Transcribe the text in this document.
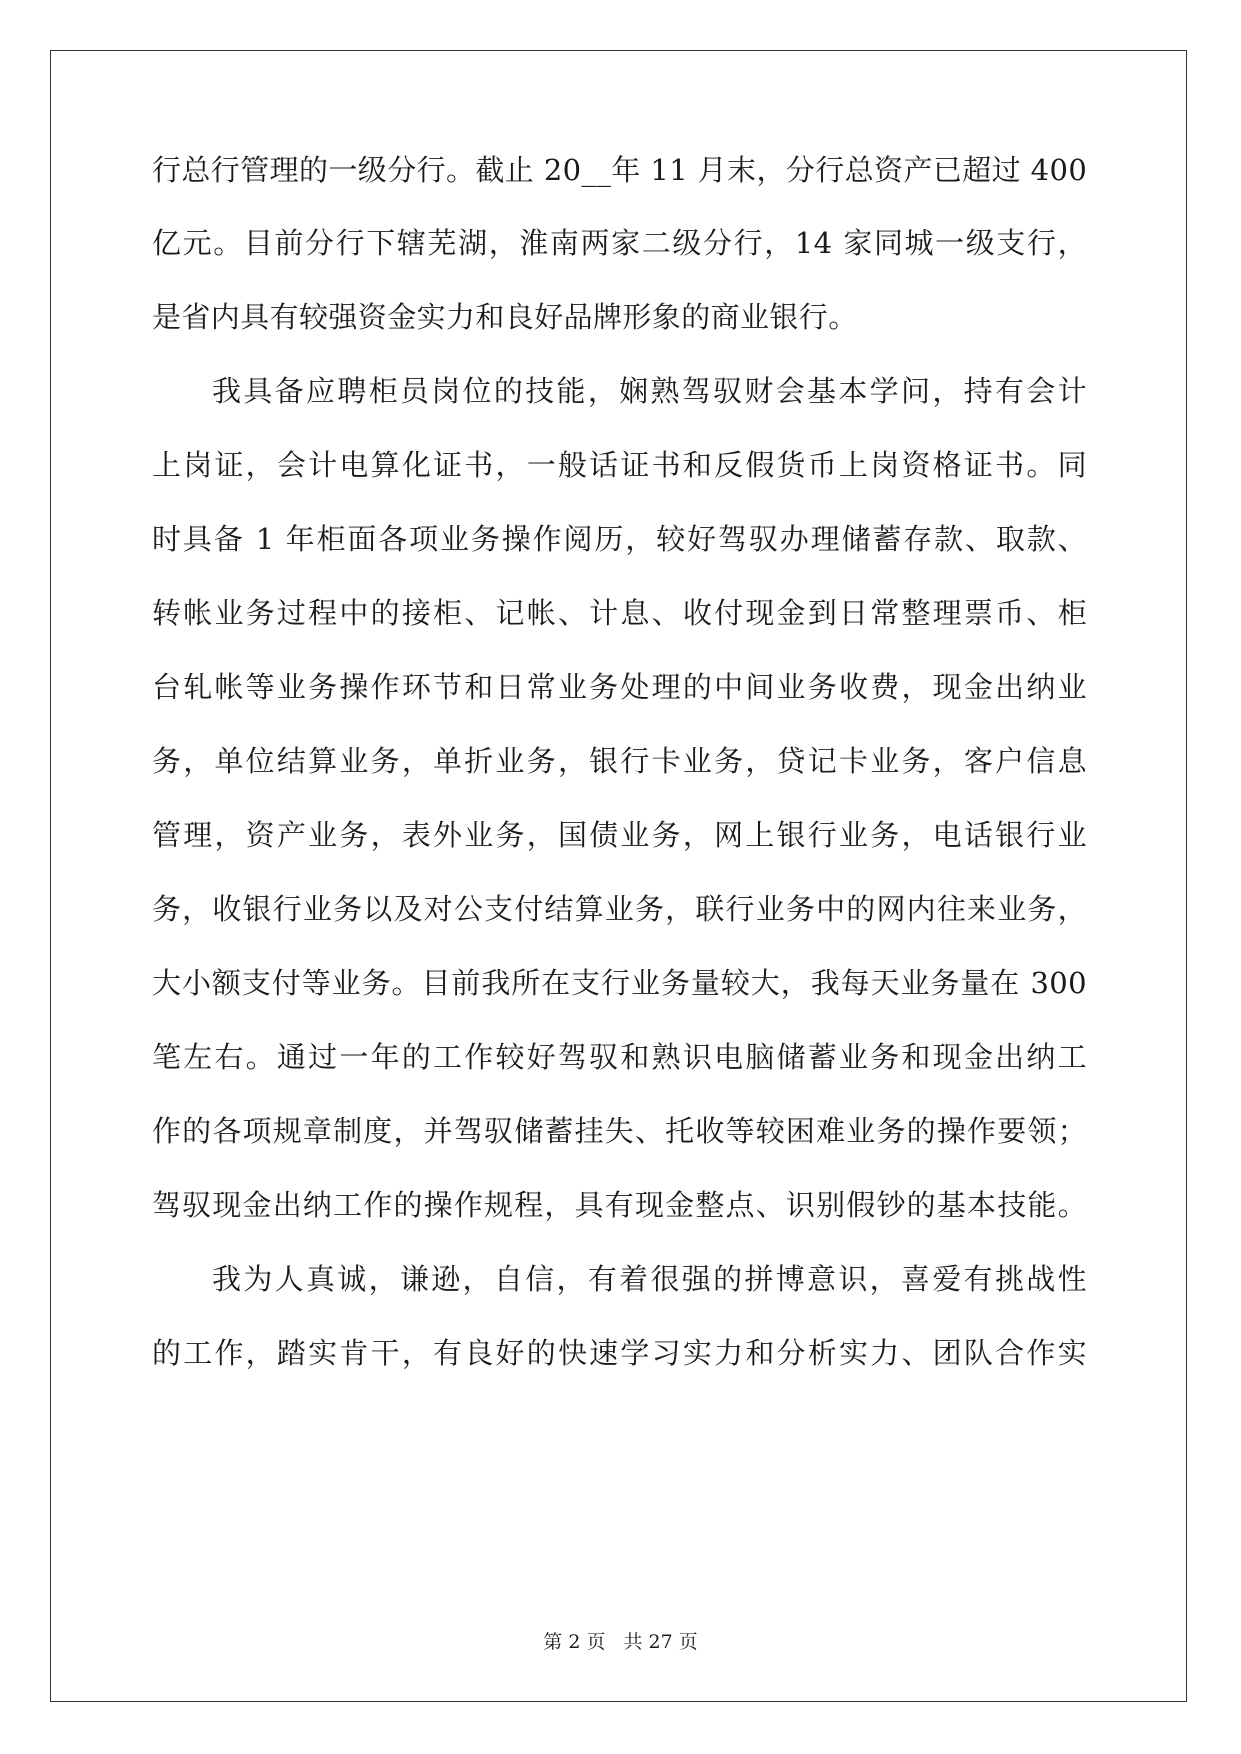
行总行管理的一级分行。截止 20__年 11 月末，分行总资产已超过 400
亿元。目前分行下辖芜湖，淮南两家二级分行，14 家同城一级支行，
是省内具有较强资金实力和良好品牌形象的商业银行。
我具备应聘柜员岗位的技能，娴熟驾驭财会基本学问，持有会计
上岗证，会计电算化证书，一般话证书和反假货币上岗资格证书。同
时具备 1 年柜面各项业务操作阅历，较好驾驭办理储蓄存款、取款、
转帐业务过程中的接柜、记帐、计息、收付现金到日常整理票币、柜
台轧帐等业务操作环节和日常业务处理的中间业务收费，现金出纳业
务，单位结算业务，单折业务，银行卡业务，贷记卡业务，客户信息
管理，资产业务，表外业务，国债业务，网上银行业务，电话银行业
务，收银行业务以及对公支付结算业务，联行业务中的网内往来业务，
大小额支付等业务。目前我所在支行业务量较大，我每天业务量在 300
笔左右。通过一年的工作较好驾驭和熟识电脑储蓄业务和现金出纳工
作的各项规章制度，并驾驭储蓄挂失、托收等较困难业务的操作要领；
驾驭现金出纳工作的操作规程，具有现金整点、识别假钞的基本技能。
我为人真诚，谦逊，自信，有着很强的拼博意识，喜爱有挑战性
的工作，踏实肯干，有良好的快速学习实力和分析实力、团队合作实
第 2 页 共 27 页
